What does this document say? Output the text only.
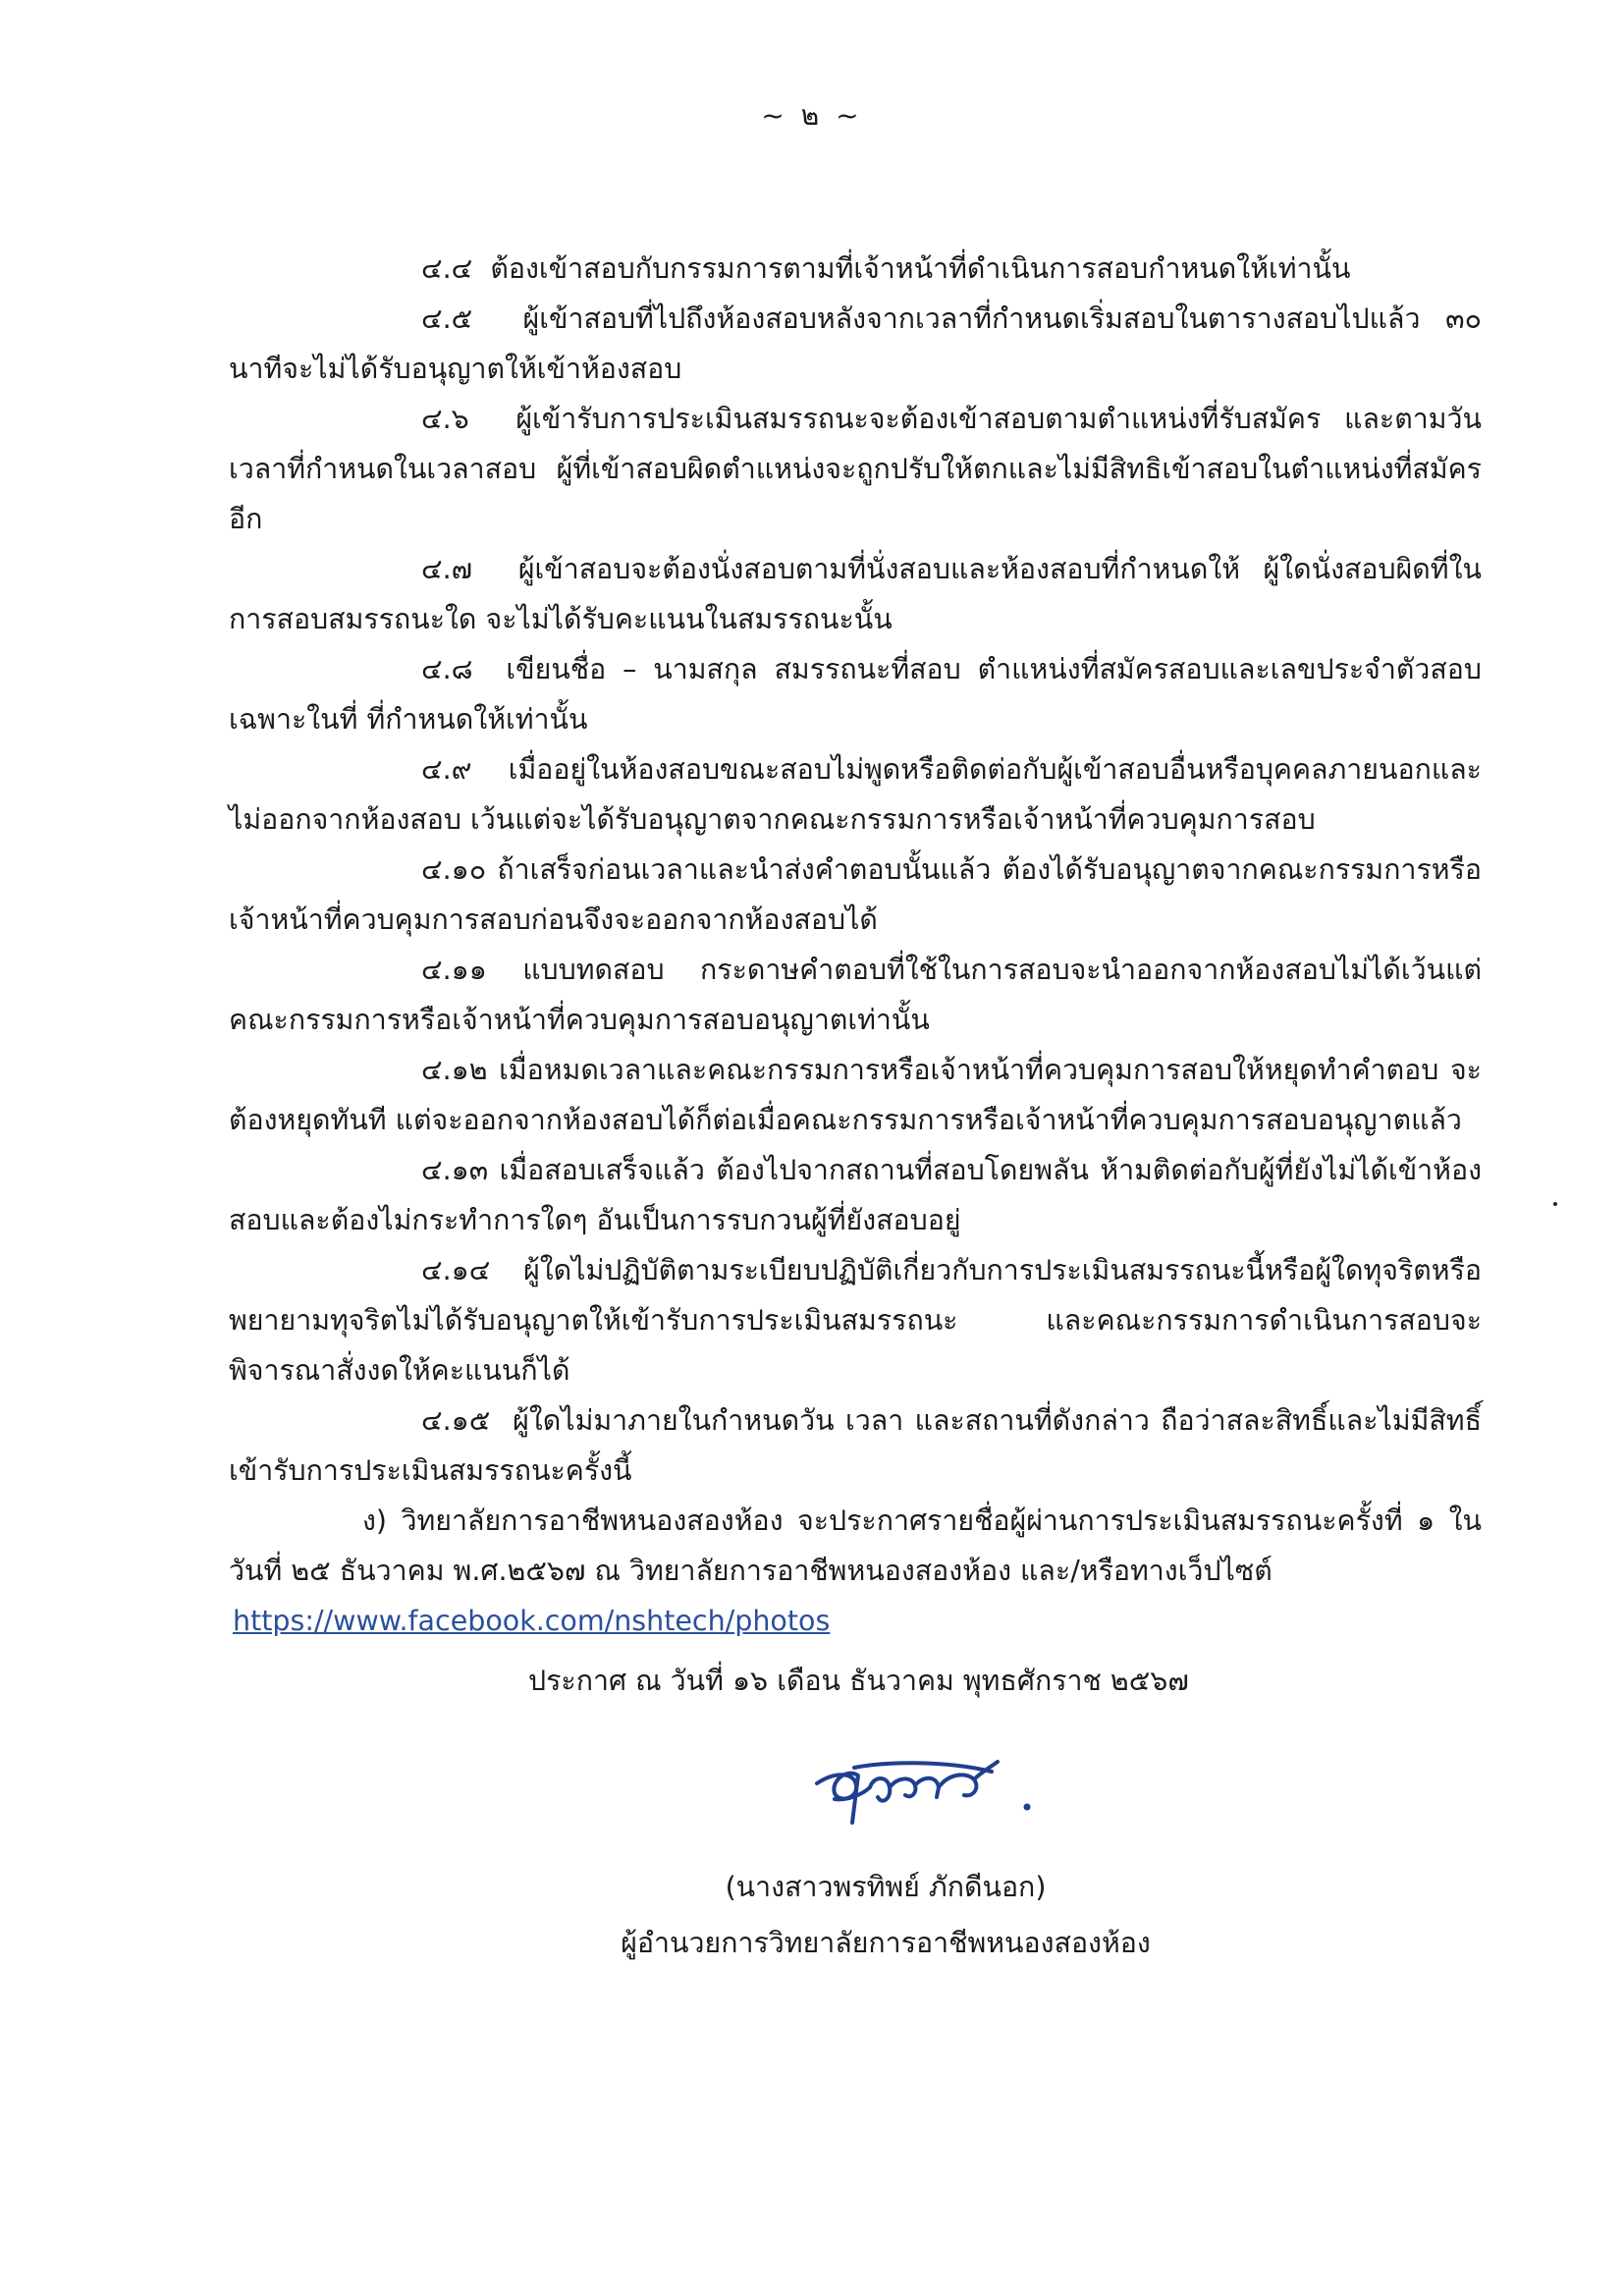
~ ๒ ~

๔.๔ ต้องเข้าสอบกับกรรมการตามที่เจ้าหน้าที่ดำเนินการสอบกำหนดให้เท่านั้น

๔.๕ ผู้เข้าสอบที่ไปถึงห้องสอบหลังจากเวลาที่กำหนดเริ่มสอบในตารางสอบไปแล้ว ๓๐ นาทีจะไม่ได้รับอนุญาตให้เข้าห้องสอบ

๔.๖ ผู้เข้ารับการประเมินสมรรถนะจะต้องเข้าสอบตามตำแหน่งที่รับสมัคร และตามวันเวลาที่กำหนดในเวลาสอบ ผู้ที่เข้าสอบผิดตำแหน่งจะถูกปรับให้ตกและไม่มีสิทธิเข้าสอบในตำแหน่งที่สมัครอีก

๔.๗ ผู้เข้าสอบจะต้องนั่งสอบตามที่นั่งสอบและห้องสอบที่กำหนดให้ ผู้ใดนั่งสอบผิดที่ในการสอบสมรรถนะใด จะไม่ได้รับคะแนนในสมรรถนะนั้น

๔.๘ เขียนชื่อ – นามสกุล สมรรถนะที่สอบ ตำแหน่งที่สมัครสอบและเลขประจำตัวสอบ เฉพาะในที่ ที่กำหนดให้เท่านั้น

๔.๙ เมื่ออยู่ในห้องสอบขณะสอบไม่พูดหรือติดต่อกับผู้เข้าสอบอื่นหรือบุคคลภายนอกและไม่ออกจากห้องสอบ เว้นแต่จะได้รับอนุญาตจากคณะกรรมการหรือเจ้าหน้าที่ควบคุมการสอบ

๔.๑๐ ถ้าเสร็จก่อนเวลาและนำส่งคำตอบนั้นแล้ว ต้องได้รับอนุญาตจากคณะกรรมการหรือเจ้าหน้าที่ควบคุมการสอบก่อนจึงจะออกจากห้องสอบได้

๔.๑๑ แบบทดสอบ กระดาษคำตอบที่ใช้ในการสอบจะนำออกจากห้องสอบไม่ได้เว้นแต่คณะกรรมการหรือเจ้าหน้าที่ควบคุมการสอบอนุญาตเท่านั้น

๔.๑๒ เมื่อหมดเวลาและคณะกรรมการหรือเจ้าหน้าที่ควบคุมการสอบให้หยุดทำคำตอบ จะต้องหยุดทันที แต่จะออกจากห้องสอบได้ก็ต่อเมื่อคณะกรรมการหรือเจ้าหน้าที่ควบคุมการสอบอนุญาตแล้ว

๔.๑๓ เมื่อสอบเสร็จแล้ว ต้องไปจากสถานที่สอบโดยพลัน ห้ามติดต่อกับผู้ที่ยังไม่ได้เข้าห้องสอบและต้องไม่กระทำการใดๆ อันเป็นการรบกวนผู้ที่ยังสอบอยู่

๔.๑๔ ผู้ใดไม่ปฏิบัติตามระเบียบปฏิบัติเกี่ยวกับการประเมินสมรรถนะนี้หรือผู้ใดทุจริตหรือพยายามทุจริตไม่ได้รับอนุญาตให้เข้ารับการประเมินสมรรถนะ และคณะกรรมการดำเนินการสอบจะพิจารณาสั่งงดให้คะแนนก็ได้

๔.๑๕ ผู้ใดไม่มาภายในกำหนดวัน เวลา และสถานที่ดังกล่าว ถือว่าสละสิทธิ์และไม่มีสิทธิ์เข้ารับการประเมินสมรรถนะครั้งนี้

ง) วิทยาลัยการอาชีพหนองสองห้อง จะประกาศรายชื่อผู้ผ่านการประเมินสมรรถนะครั้งที่ ๑ ในวันที่ ๒๕ ธันวาคม พ.ศ.๒๕๖๗ ณ วิทยาลัยการอาชีพหนองสองห้อง และ/หรือทางเว็ปไซต์
https://www.facebook.com/nshtech/photos

ประกาศ ณ วันที่ ๑๖ เดือน ธันวาคม พุทธศักราช ๒๕๖๗
(นางสาวพรทิพย์ ภักดีนอก)
ผู้อำนวยการวิทยาลัยการอาชีพหนองสองห้อง
